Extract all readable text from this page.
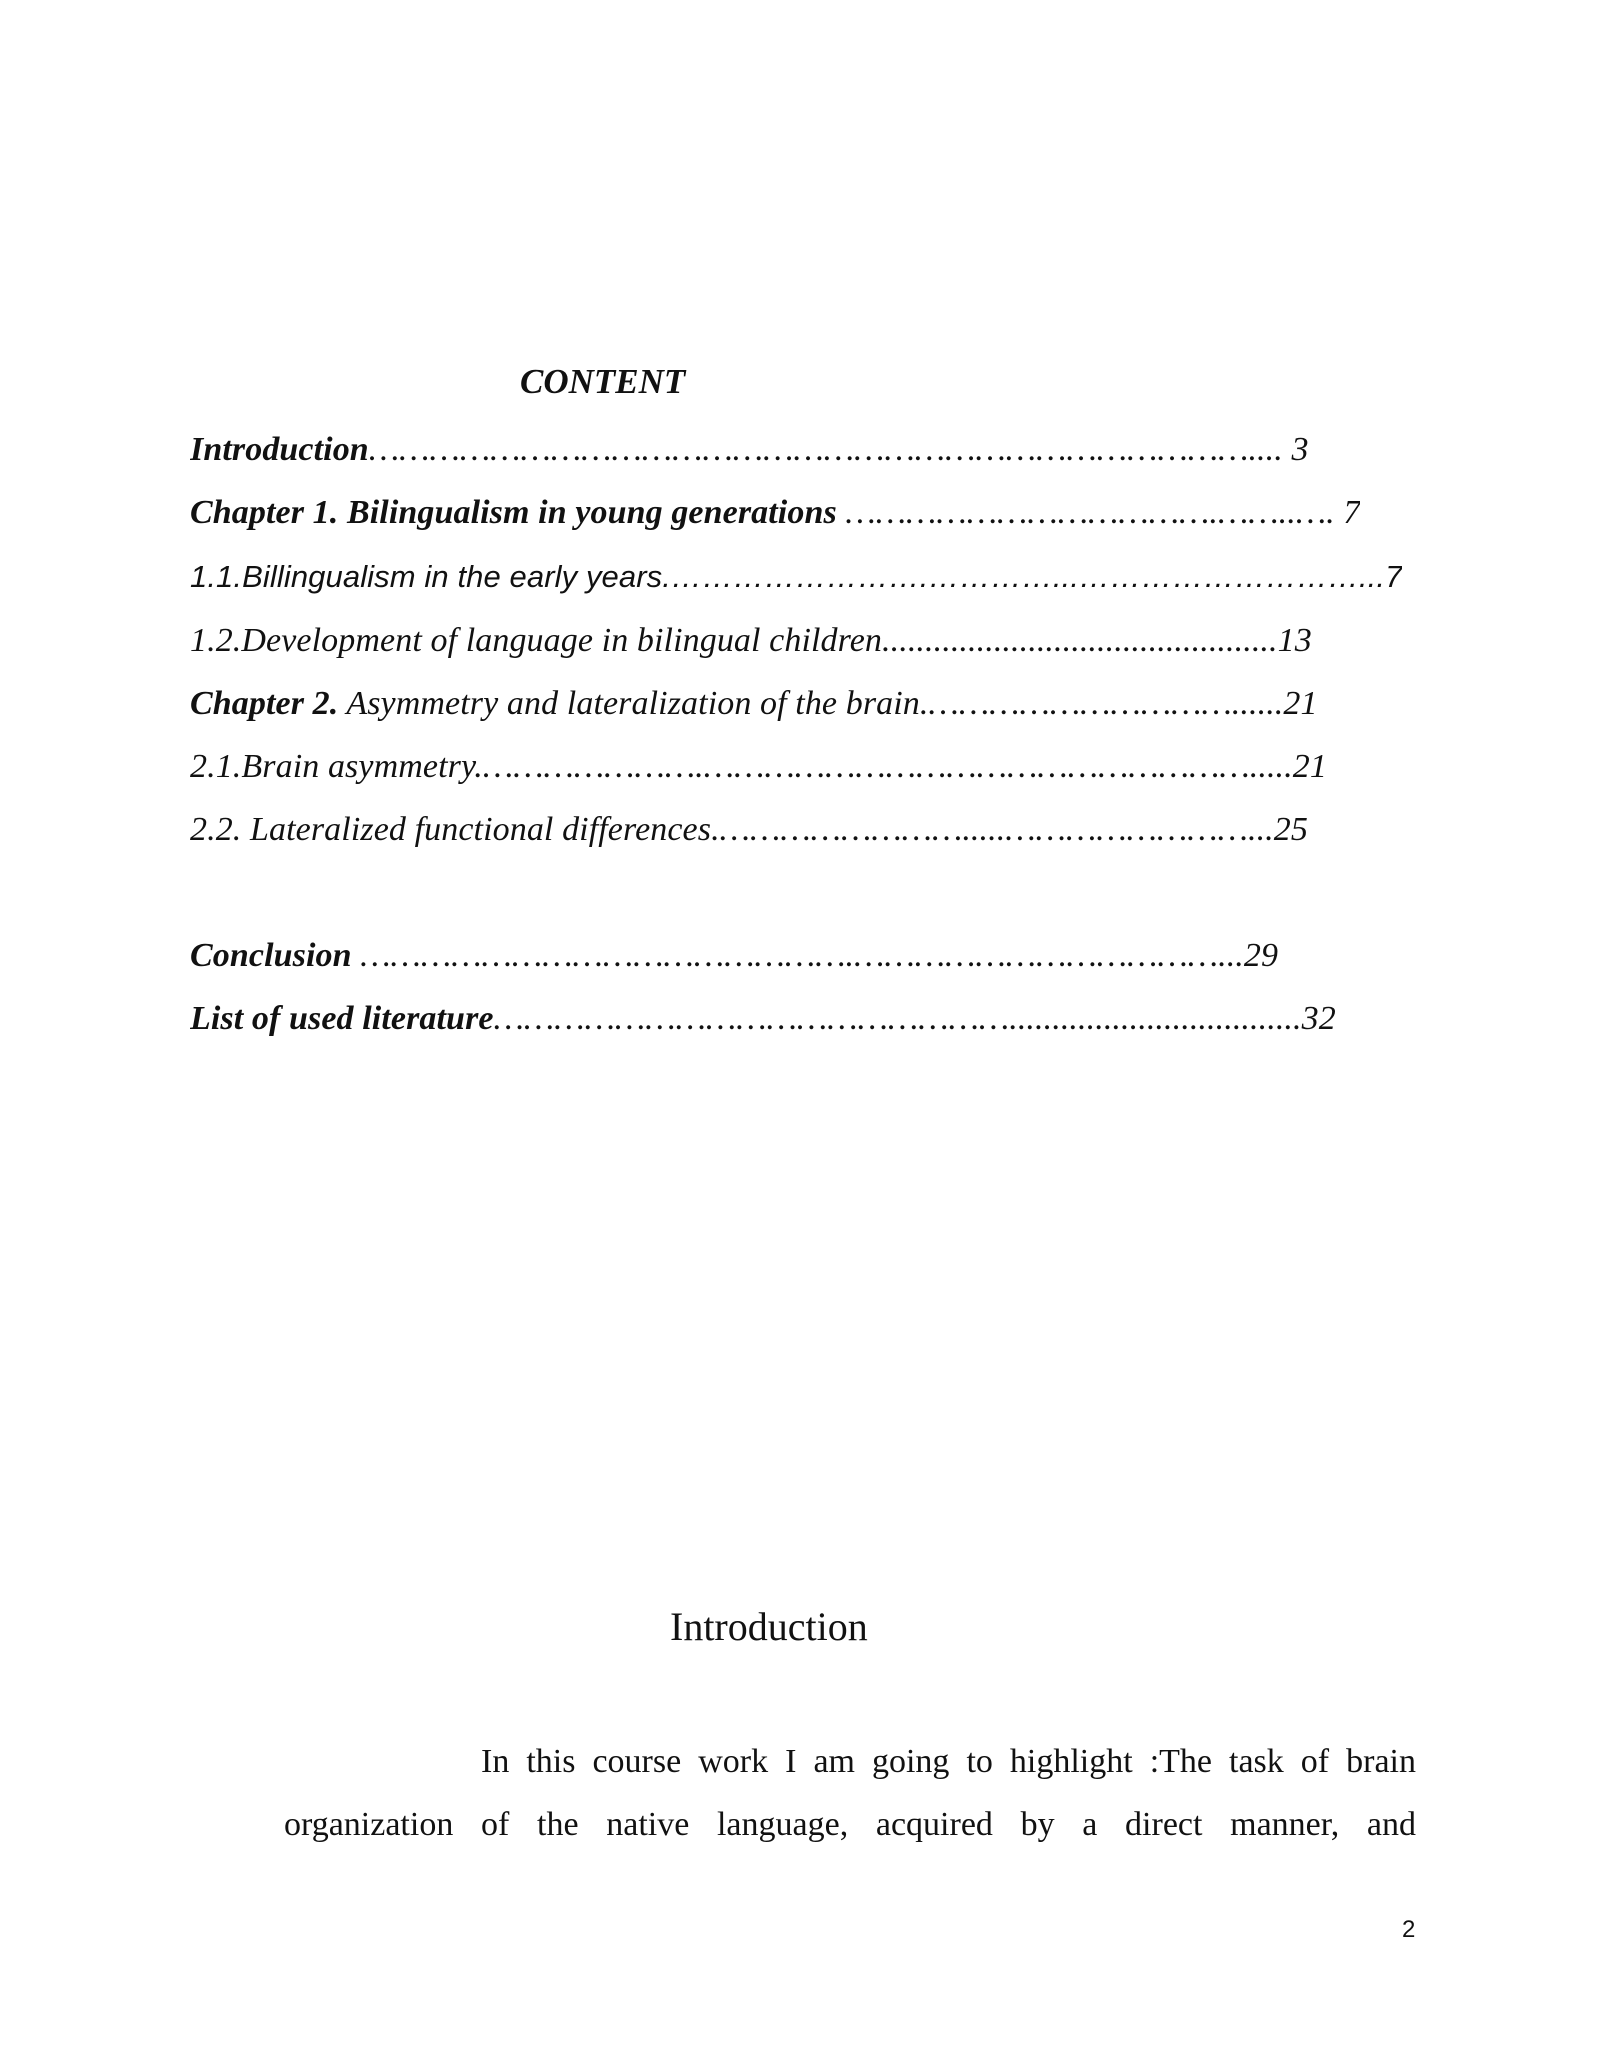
CONTENT
Introduction…………………………………………………………………………….... 3
Chapter 1. Bilingualism in young generations ……………………………….……..…. 7
1.1.Billingualism in the early years.…………………….…………...………………………...7
1.2.Development of language in bilingual children..............................................13
Chapter 2. Asymmetry and lateralization of the brain.…………………………......21
2.1.Brain asymmetry.………………….……………………………………………….....21
2.2. Lateralized functional differences.…………………….....……………………...25
Conclusion ………………………………………….………………………………...29
List of used literature……………………………………………..................................32
Introduction
In this course work I am going to highlight :The task of brain
organization of the native language, acquired by a direct manner, and
2
